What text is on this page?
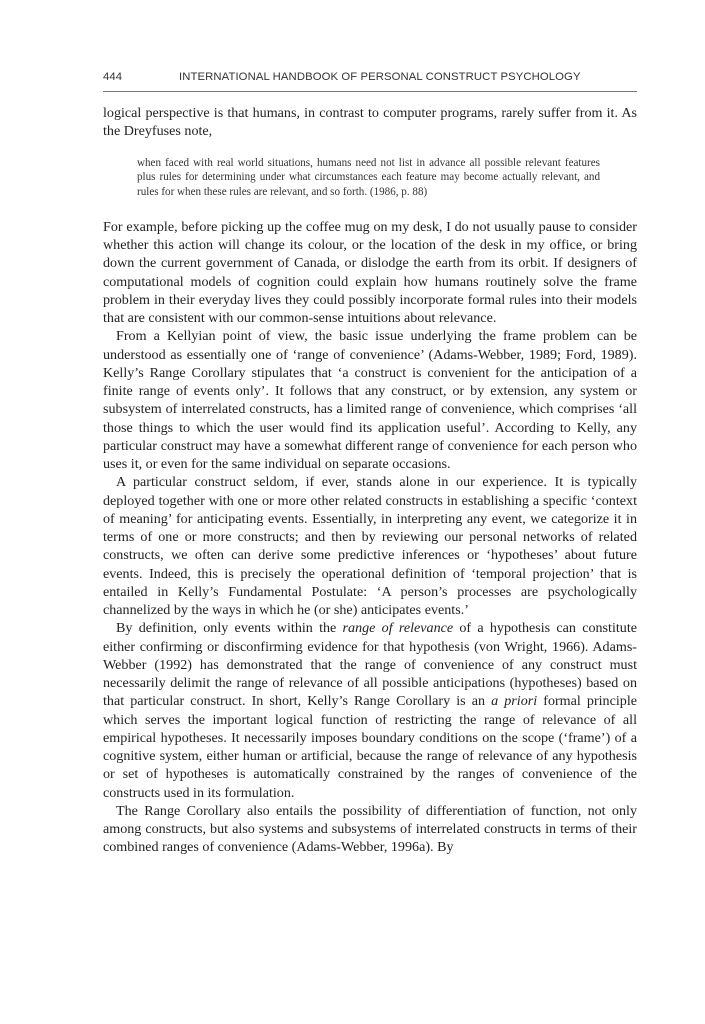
444	INTERNATIONAL HANDBOOK OF PERSONAL CONSTRUCT PSYCHOLOGY

logical perspective is that humans, in contrast to computer programs, rarely suffer from it. As the Dreyfuses note,

when faced with real world situations, humans need not list in advance all possible relevant features plus rules for determining under what circumstances each feature may become actually relevant, and rules for when these rules are relevant, and so forth. (1986, p. 88)

For example, before picking up the coffee mug on my desk, I do not usually pause to consider whether this action will change its colour, or the location of the desk in my office, or bring down the current government of Canada, or dislodge the earth from its orbit. If designers of computational models of cognition could explain how humans routinely solve the frame problem in their everyday lives they could possibly incorporate formal rules into their models that are consistent with our common-sense intuitions about relevance.

From a Kellyian point of view, the basic issue underlying the frame problem can be understood as essentially one of ‘range of convenience’ (Adams-Webber, 1989; Ford, 1989). Kelly’s Range Corollary stipulates that ‘a construct is convenient for the anticipation of a finite range of events only’. It follows that any construct, or by extension, any system or subsystem of interrelated constructs, has a limited range of convenience, which comprises ‘all those things to which the user would find its application useful’. According to Kelly, any particular construct may have a somewhat different range of convenience for each person who uses it, or even for the same individual on separate occasions.

A particular construct seldom, if ever, stands alone in our experience. It is typically deployed together with one or more other related constructs in establishing a specific ‘context of meaning’ for anticipating events. Essentially, in interpreting any event, we categorize it in terms of one or more constructs; and then by reviewing our personal networks of related constructs, we often can derive some predictive inferences or ‘hypotheses’ about future events. Indeed, this is precisely the operational definition of ‘temporal projection’ that is entailed in Kelly’s Fundamental Postulate: ‘A person’s processes are psychologically channelized by the ways in which he (or she) anticipates events.’

By definition, only events within the range of relevance of a hypothesis can constitute either confirming or disconfirming evidence for that hypothesis (von Wright, 1966). Adams-Webber (1992) has demonstrated that the range of convenience of any construct must necessarily delimit the range of relevance of all possible anticipations (hypotheses) based on that particular construct. In short, Kelly’s Range Corollary is an a priori formal principle which serves the important logical function of restricting the range of relevance of all empirical hypotheses. It necessarily imposes boundary conditions on the scope (‘frame’) of a cognitive system, either human or artificial, because the range of relevance of any hypothesis or set of hypotheses is automatically constrained by the ranges of convenience of the constructs used in its formulation.

The Range Corollary also entails the possibility of differentiation of function, not only among constructs, but also systems and subsystems of interrelated constructs in terms of their combined ranges of convenience (Adams-Webber, 1996a). By
